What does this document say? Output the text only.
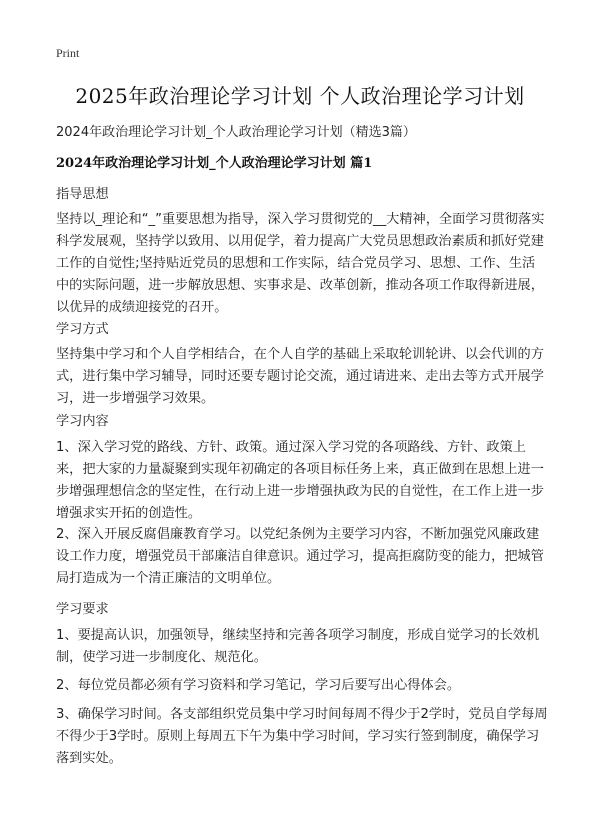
Print
2025年政治理论学习计划 个人政治理论学习计划
2024年政治理论学习计划_个人政治理论学习计划（精选3篇）
2024年政治理论学习计划_个人政治理论学习计划 篇1
指导思想
坚持以_理论和“_”重要思想为指导，深入学习贯彻党的__大精神，全面学习贯彻落实科学发展观，坚持学以致用、以用促学，着力提高广大党员思想政治素质和抓好党建工作的自觉性;坚持贴近党员的思想和工作实际，结合党员学习、思想、工作、生活中的实际问题，进一步解放思想、实事求是、改革创新，推动各项工作取得新进展，以优异的成绩迎接党的召开。
学习方式
坚持集中学习和个人自学相结合，在个人自学的基础上采取轮训轮讲、以会代训的方式，进行集中学习辅导，同时还要专题讨论交流，通过请进来、走出去等方式开展学习，进一步增强学习效果。
学习内容
1、深入学习党的路线、方针、政策。通过深入学习党的各项路线、方针、政策上来，把大家的力量凝聚到实现年初确定的各项目标任务上来，真正做到在思想上进一步增强理想信念的坚定性，在行动上进一步增强执政为民的自觉性，在工作上进一步增强求实开拓的创造性。
2、深入开展反腐倡廉教育学习。以党纪条例为主要学习内容，不断加强党风廉政建设工作力度，增强党员干部廉洁自律意识。通过学习，提高拒腐防变的能力，把城管局打造成为一个清正廉洁的文明单位。
学习要求
1、要提高认识，加强领导，继续坚持和完善各项学习制度，形成自觉学习的长效机制，使学习进一步制度化、规范化。
2、每位党员都必须有学习资料和学习笔记，学习后要写出心得体会。
3、确保学习时间。各支部组织党员集中学习时间每周不得少于2学时，党员自学每周不得少于3学时。原则上每周五下午为集中学习时间，学习实行签到制度，确保学习落到实处。
